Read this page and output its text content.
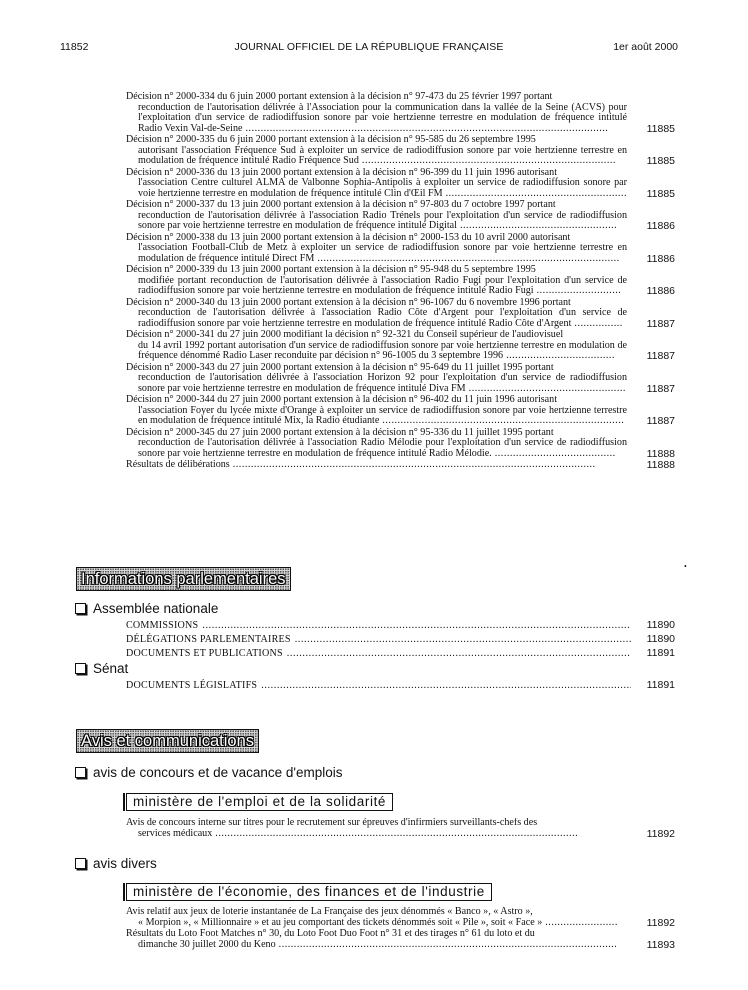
11852	JOURNAL OFFICIEL DE LA RÉPUBLIQUE FRANÇAISE	1er août 2000
Décision n° 2000-334 du 6 juin 2000 portant extension à la décision n° 97-473 du 25 février 1997 portant
reconduction de l'autorisation délivrée à l'Association pour la communication dans la vallée de la Seine (ACVS) pour l'exploitation d'un service de radiodiffusion sonore par voie hertzienne terrestre en modulation de fréquence intitulé Radio Vexin Val-de-Seine ........................................................................................................................	11885
Décision n° 2000-335 du 6 juin 2000 portant extension à la décision n° 95-585 du 26 septembre 1995
autorisant l'association Fréquence Sud à exploiter un service de radiodiffusion sonore par voie hertzienne terrestre en modulation de fréquence intitulé Radio Fréquence Sud ....................................................................................	11885
Décision n° 2000-336 du 13 juin 2000 portant extension à la décision n° 96-399 du 11 juin 1996 autorisant
l'association Centre culturel ALMA de Valbonne Sophia-Antipolis à exploiter un service de radiodiffusion sonore par voie hertzienne terrestre en modulation de fréquence intitulé Clin d'Œil FM ............................................................	11885
Décision n° 2000-337 du 13 juin 2000 portant extension à la décision n° 97-803 du 7 octobre 1997 portant
reconduction de l'autorisation délivrée à l'association Radio Trénels pour l'exploitation d'un service de radiodiffusion sonore par voie hertzienne terrestre en modulation de fréquence intitulé Digital ....................................................	11886
Décision n° 2000-338 du 13 juin 2000 portant extension à la décision n° 2000-153 du 10 avril 2000 autorisant
l'association Football-Club de Metz à exploiter un service de radiodiffusion sonore par voie hertzienne terrestre en modulation de fréquence intitulé Direct FM ....................................................................................................	11886
Décision n° 2000-339 du 13 juin 2000 portant extension à la décision n° 95-948 du 5 septembre 1995
modifiée portant reconduction de l'autorisation délivrée à l'association Radio Fugi pour l'exploitation d'un service de radiodiffusion sonore par voie hertzienne terrestre en modulation de fréquence intitulé Radio Fugi ............................	11886
Décision n° 2000-340 du 13 juin 2000 portant extension à la décision n° 96-1067 du 6 novembre 1996 portant
reconduction de l'autorisation délivrée à l'association Radio Côte d'Argent pour l'exploitation d'un service de radiodiffusion sonore par voie hertzienne terrestre en modulation de fréquence intitulé Radio Côte d'Argent ................	11887
Décision n° 2000-341 du 27 juin 2000 modifiant la décision n° 92-321 du Conseil supérieur de l'audiovisuel
du 14 avril 1992 portant autorisation d'un service de radiodiffusion sonore par voie hertzienne terrestre en modulation de fréquence dénommé Radio Laser reconduite par décision n° 96-1005 du 3 septembre 1996 ....................................	11887
Décision n° 2000-343 du 27 juin 2000 portant extension à la décision n° 95-649 du 11 juillet 1995 portant
reconduction de l'autorisation délivrée à l'association Horizon 92 pour l'exploitation d'un service de radiodiffusion sonore par voie hertzienne terrestre en modulation de fréquence intitulé Diva FM ....................................................	11887
Décision n° 2000-344 du 27 juin 2000 portant extension à la décision n° 96-402 du 11 juin 1996 autorisant
l'association Foyer du lycée mixte d'Orange à exploiter un service de radiodiffusion sonore par voie hertzienne terrestre en modulation de fréquence intitulé Mix, la Radio étudiante ................................................................................	11887
Décision n° 2000-345 du 27 juin 2000 portant extension à la décision n° 95-336 du 11 juillet 1995 portant
reconduction de l'autorisation délivrée à l'association Radio Mélodie pour l'exploitation d'un service de radiodiffusion sonore par voie hertzienne terrestre en modulation de fréquence intitulé Radio Mélodie. ........................................	11888
Résultats de délibérations ........................................................................................................................	11888
•
Informations parlementaires
Assemblée nationale
COMMISSIONS .....	11890
DÉLÉGATIONS PARLEMENTAIRES .....	11890
DOCUMENTS ET PUBLICATIONS .....	11891
Sénat
DOCUMENTS LÉGISLATIFS .....	11891
Avis et communications
avis de concours et de vacance d'emplois
ministère de l'emploi et de la solidarité
Avis de concours interne sur titres pour le recrutement sur épreuves d'infirmiers surveillants-chefs des
services médicaux ........................................................................................................................	11892
avis divers
ministère de l'économie, des finances et de l'industrie
Avis relatif aux jeux de loterie instantanée de La Française des jeux dénommés « Banco », « Astro »,
« Morpion », « Millionnaire » et au jeu comportant des tickets dénommés soit « Pile », soit « Face » ........................	11892
Résultats du Loto Foot Matches n° 30, du Loto Foot Duo Foot n° 31 et des tirages n° 61 du loto et du
dimanche 30 juillet 2000 du Keno ................................................................................................................	11893
